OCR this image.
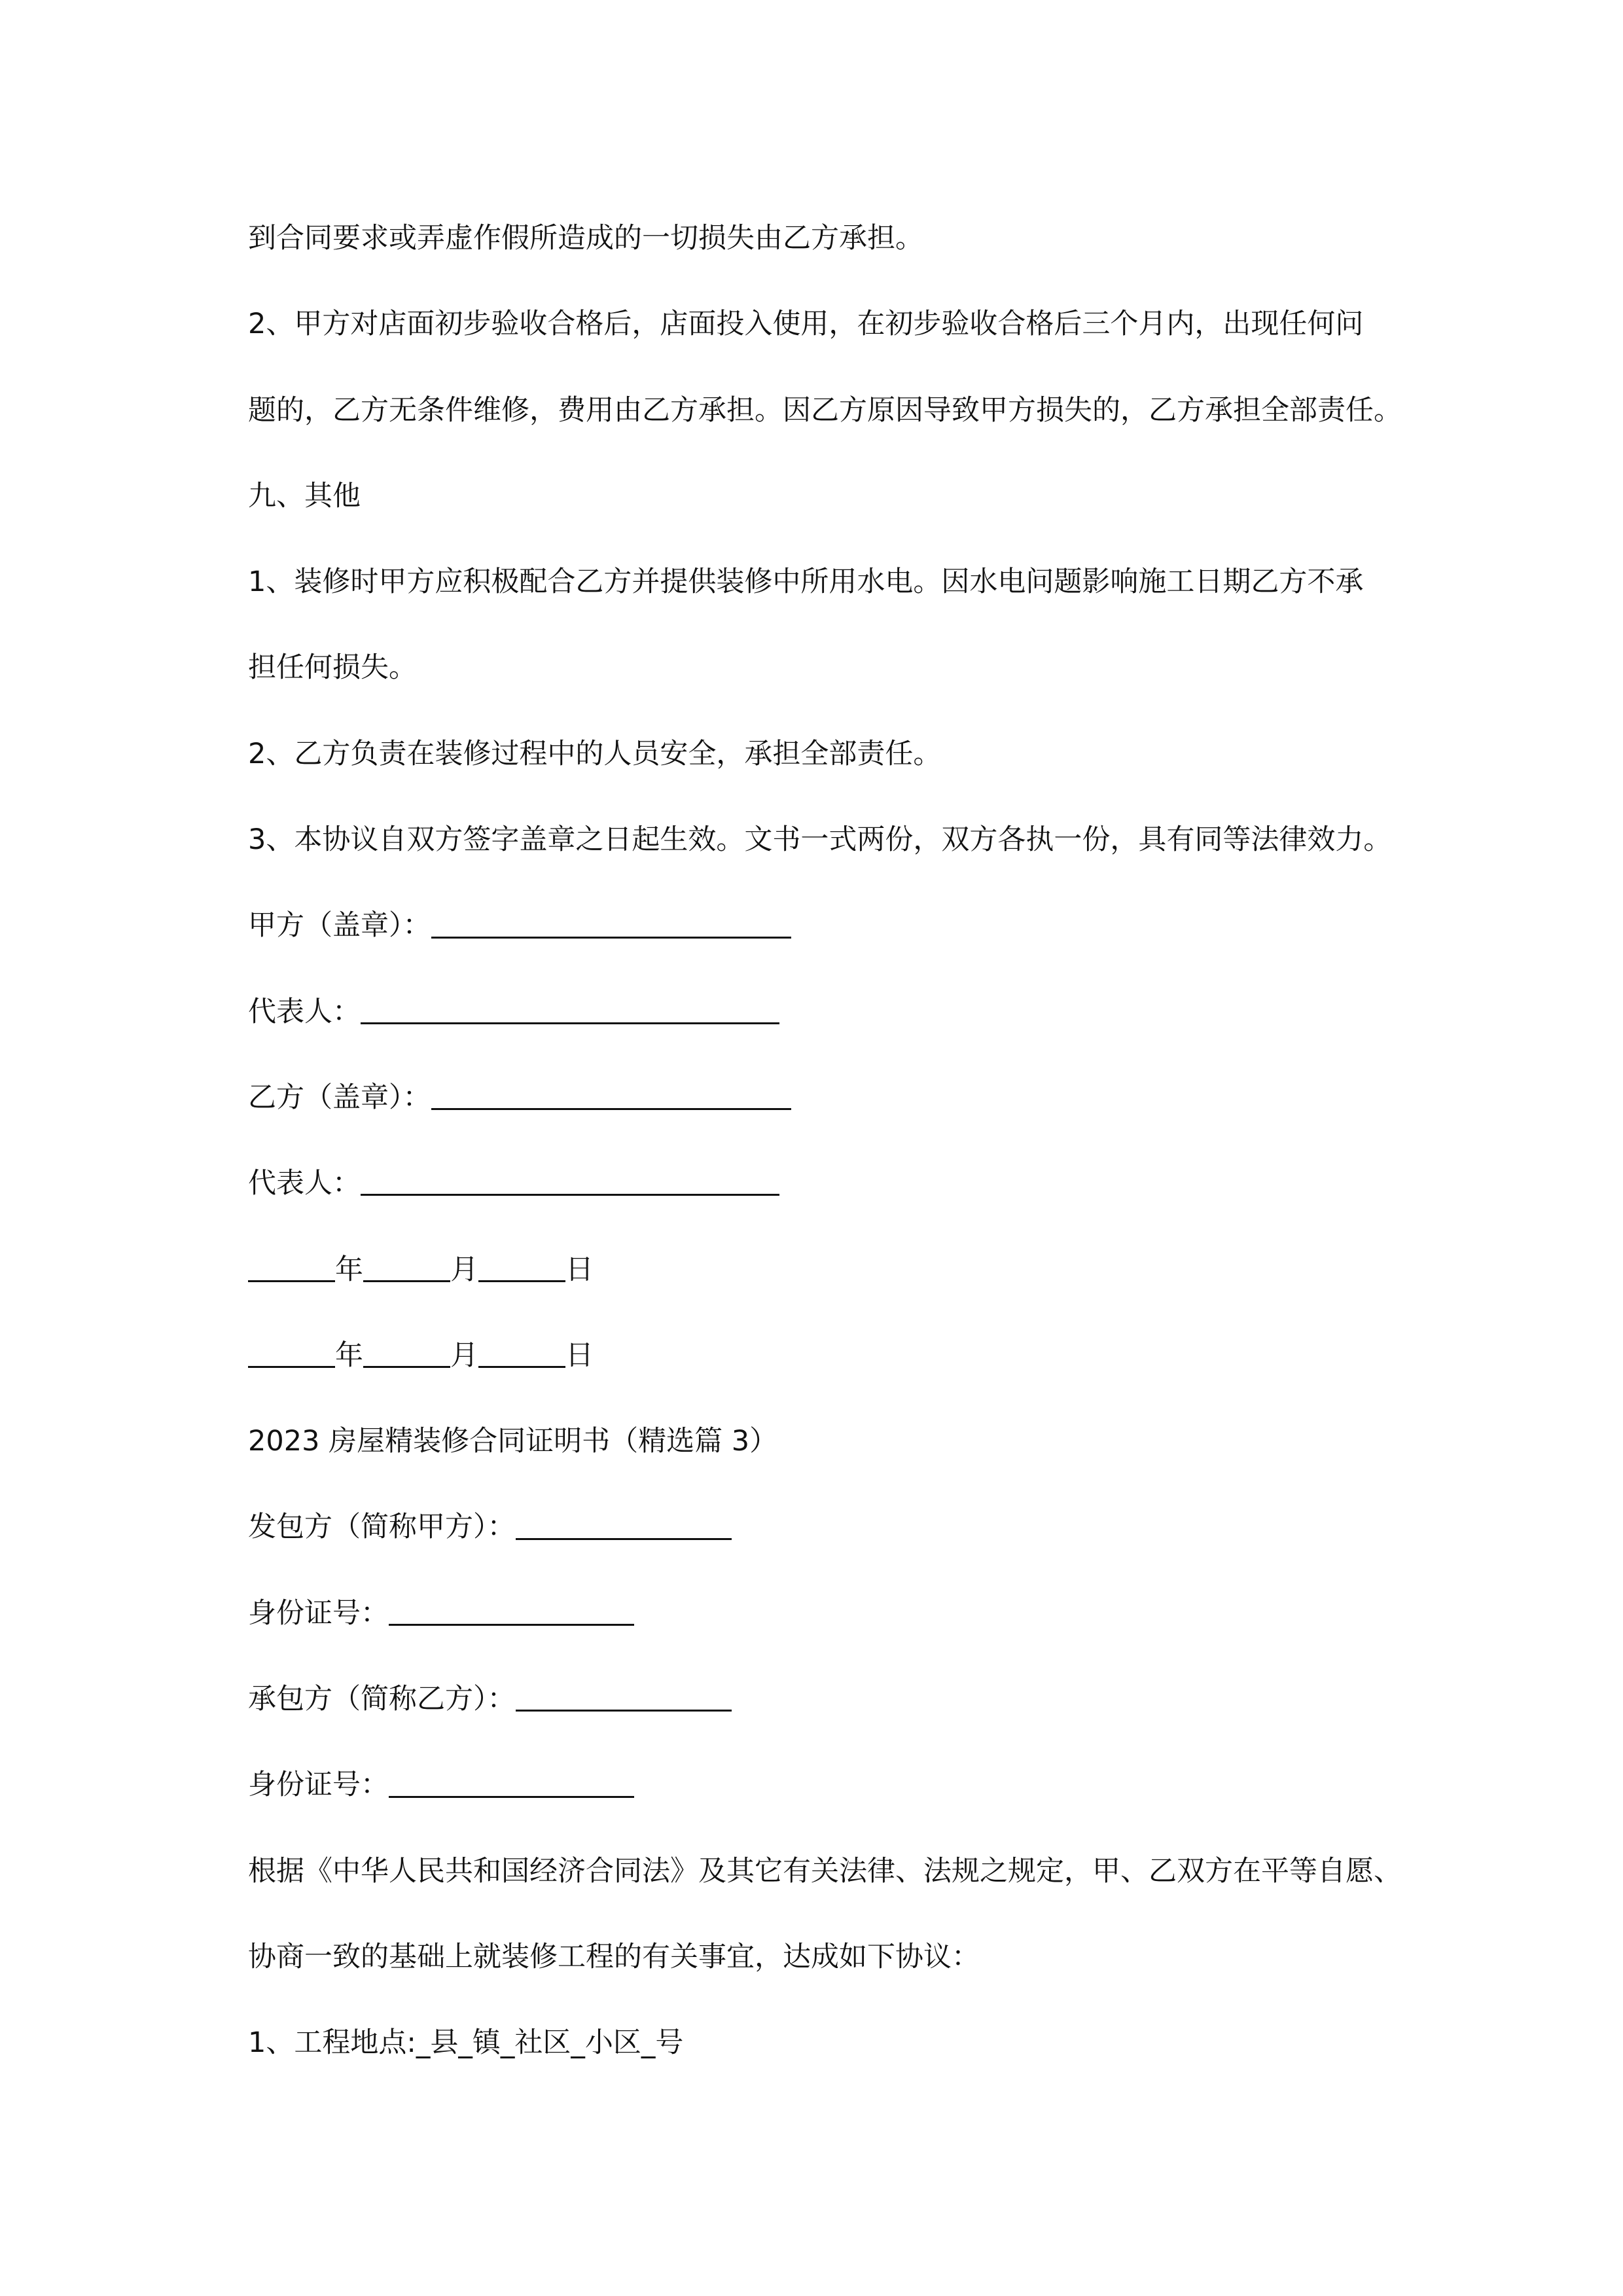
到合同要求或弄虚作假所造成的一切损失由乙方承担。
2、甲方对店面初步验收合格后，店面投入使用，在初步验收合格后三个月内，出现任何问
题的，乙方无条件维修，费用由乙方承担。因乙方原因导致甲方损失的，乙方承担全部责任。
九、其他
1、装修时甲方应积极配合乙方并提供装修中所用水电。因水电问题影响施工日期乙方不承
担任何损失。
2、乙方负责在装修过程中的人员安全，承担全部责任。
3、本协议自双方签字盖章之日起生效。文书一式两份，双方各执一份，具有同等法律效力。
甲方（盖章）：
代表人：
乙方（盖章）：
代表人：
年	月	日
年	月	日
2023 房屋精装修合同证明书（精选篇 3）
发包方（简称甲方）：
身份证号：
承包方（简称乙方）：
身份证号：
根据《中华人民共和国经济合同法》及其它有关法律、法规之规定，甲、乙双方在平等自愿、
协商一致的基础上就装修工程的有关事宜，达成如下协议：
1、工程地点:_县_镇_社区_小区_号
